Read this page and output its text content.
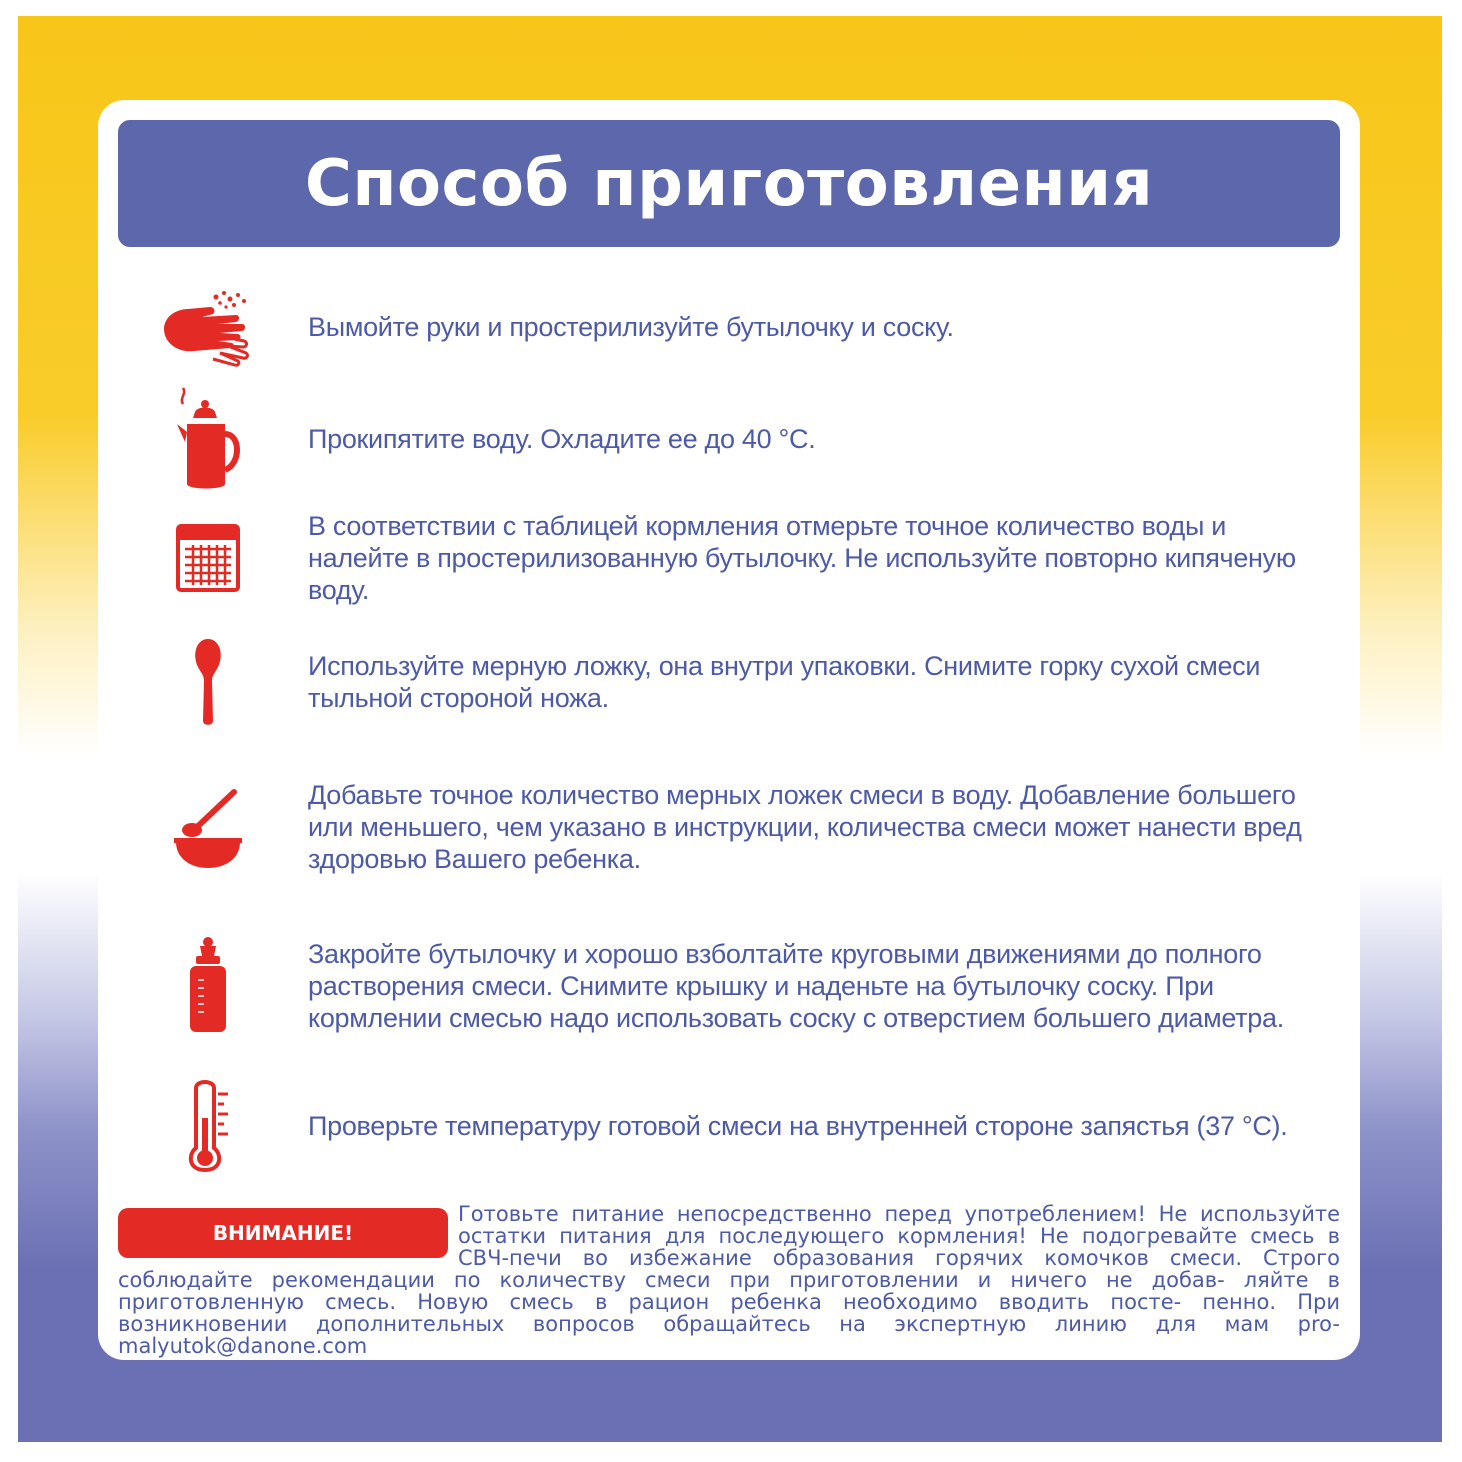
Способ приготовления
Вымойте руки и простерилизуйте бутылочку и соску.
Прокипятите воду. Охладите ее до 40 °С.
В соответствии с таблицей кормления отмерьте точное количество воды и налейте в простерилизованную бутылочку. Не используйте повторно кипяченую воду.
Используйте мерную ложку, она внутри упаковки. Снимите горку сухой смеси тыльной стороной ножа.
Добавьте точное количество мерных ложек смеси в воду. Добавление большего или меньшего, чем указано в инструкции, количества смеси может нанести вред здоровью Вашего ребенка.
Закройте бутылочку и хорошо взболтайте круговыми движениями до полного растворения смеси. Снимите крышку и наденьте на бутылочку соску. При кормлении смесью надо использовать соску с отверстием большего диаметра.
Проверьте температуру готовой смеси на внутренней стороне запястья (37 °С).
ВНИМАНИЕ!

Готовьте питание непосредственно перед употреблением! Не используйте остатки питания для последующего кормления! Не подогревайте смесь в СВЧ-печи во избежание образования горячих комочков смеси. Строго соблюдайте рекомендации по количеству смеси при приготовлении и ничего не добав- ляйте в приготовленную смесь. Новую смесь в рацион ребенка необходимо вводить посте- пенно. При возникновении дополнительных вопросов обращайтесь на экспертную линию для мам pro-malyutok@danone.com
